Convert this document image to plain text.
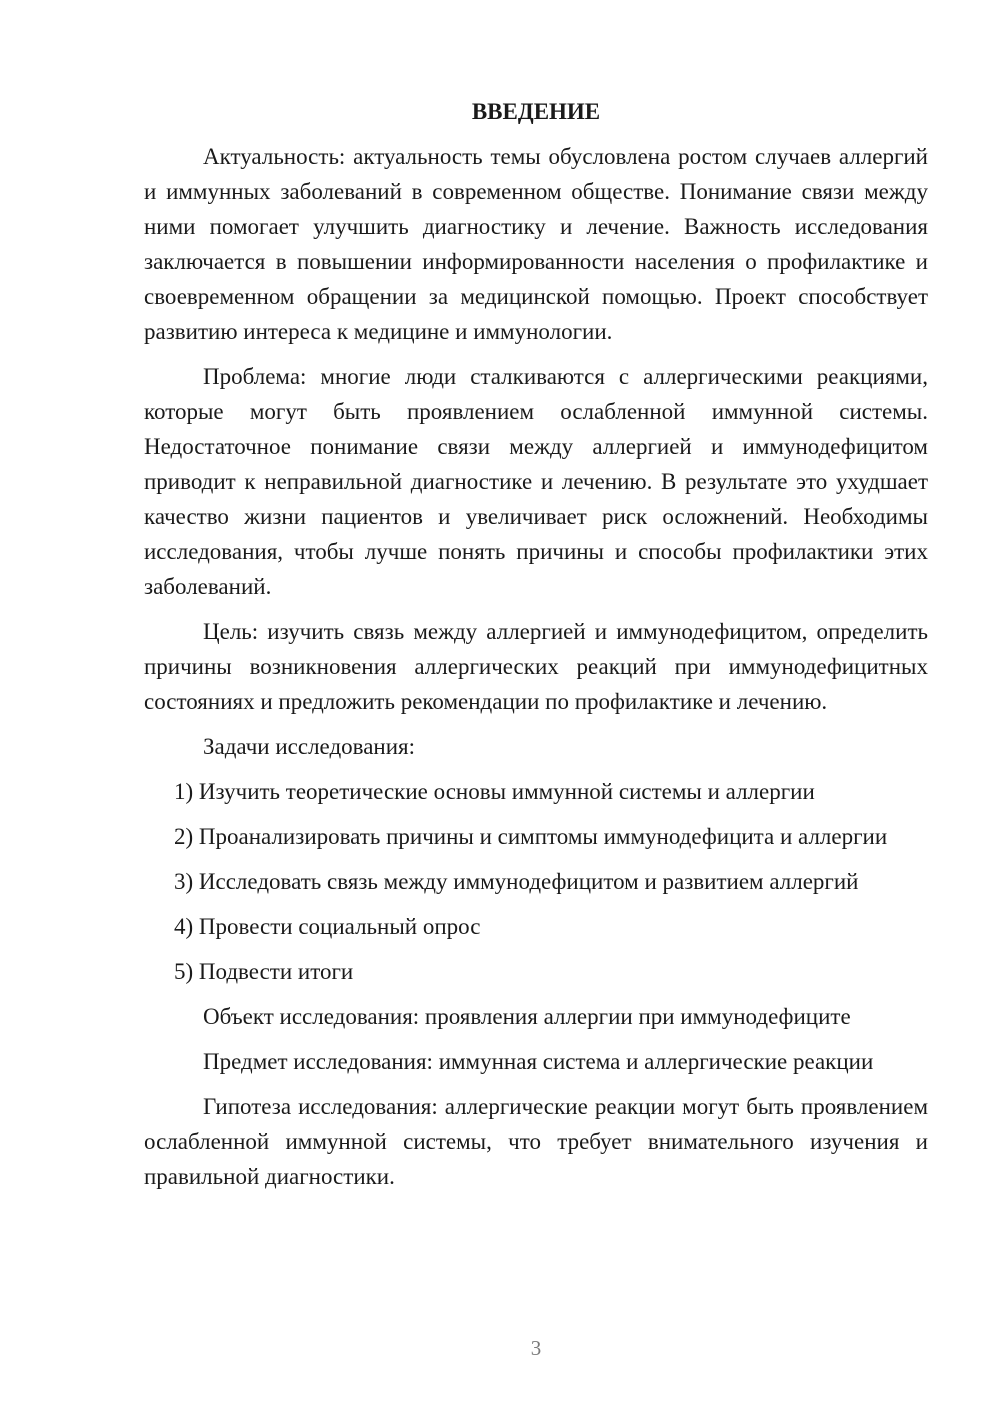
ВВЕДЕНИЕ

Актуальность: актуальность темы обусловлена ростом случаев аллергий и иммунных заболеваний в современном обществе. Понимание связи между ними помогает улучшить диагностику и лечение. Важность исследования заключается в повышении информированности населения о профилактике и своевременном обращении за медицинской помощью. Проект способствует развитию интереса к медицине и иммунологии.

Проблема: многие люди сталкиваются с аллергическими реакциями, которые могут быть проявлением ослабленной иммунной системы. Недостаточное понимание связи между аллергией и иммунодефицитом приводит к неправильной диагностике и лечению. В результате это ухудшает качество жизни пациентов и увеличивает риск осложнений. Необходимы исследования, чтобы лучше понять причины и способы профилактики этих заболеваний.

Цель: изучить связь между аллергией и иммунодефицитом, определить причины возникновения аллергических реакций при иммунодефицитных состояниях и предложить рекомендации по профилактике и лечению.

Задачи исследования:

1) Изучить теоретические основы иммунной системы и аллергии

2) Проанализировать причины и симптомы иммунодефицита и аллергии

3) Исследовать связь между иммунодефицитом и развитием аллергий

4) Провести социальный опрос

5) Подвести итоги

Объект исследования: проявления аллергии при иммунодефиците

Предмет исследования: иммунная система и аллергические реакции

Гипотеза исследования: аллергические реакции могут быть проявлением ослабленной иммунной системы, что требует внимательного изучения и правильной диагностики.

3
